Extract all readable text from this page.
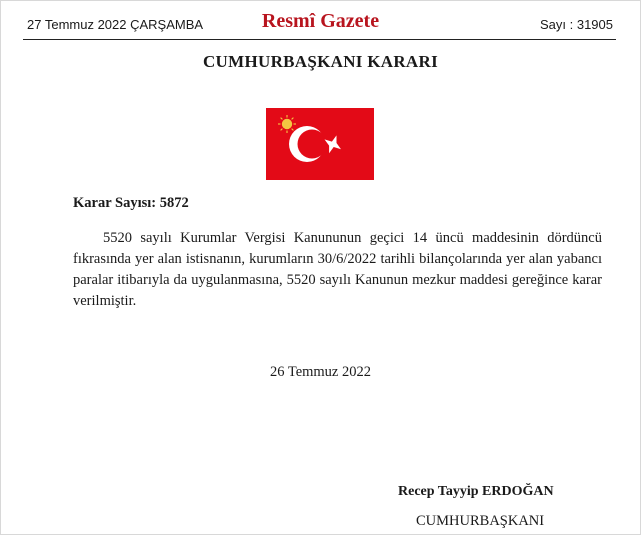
27 Temmuz 2022 ÇARŞAMBA	Resmî Gazete	Sayı : 31905
CUMHURBAŞKANI KARARI
Karar Sayısı: 5872

5520 sayılı Kurumlar Vergisi Kanununun geçici 14 üncü maddesinin dördüncü fıkrasında yer alan istisnanın, kurumların 30/6/2022 tarihli bilançolarında yer alan yabancı paralar itibarıyla da uygulanmasına, 5520 sayılı Kanunun mezkur maddesi gereğince karar verilmiştir.

26 Temmuz 2022
Recep Tayyip ERDOĞAN
CUMHURBAŞKANI
